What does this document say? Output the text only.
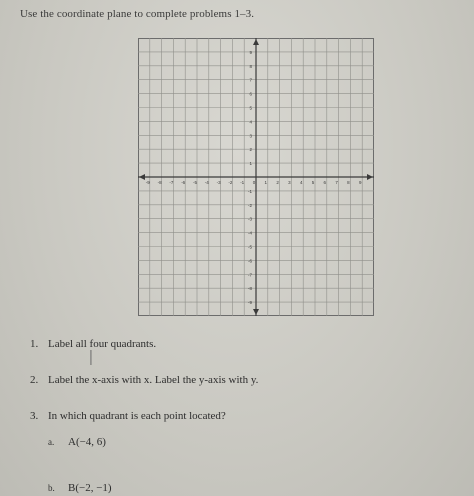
Use the coordinate plane to complete problems 1–3.
-9 -8 -7 -6 -5 -4 -3 -2 -1 0 1 2 3 4 5 6 7 8 9
9
8
7
6
5
4
3
2
1
-1
-2
-3
-4
-5
-6
-7
-8
-9
1. Label all four quadrants.
I
2. Label the x-axis with x. Label the y-axis with y.
3. In which quadrant is each point located?
a. A(−4, 6)
b. B(−2, −1)
